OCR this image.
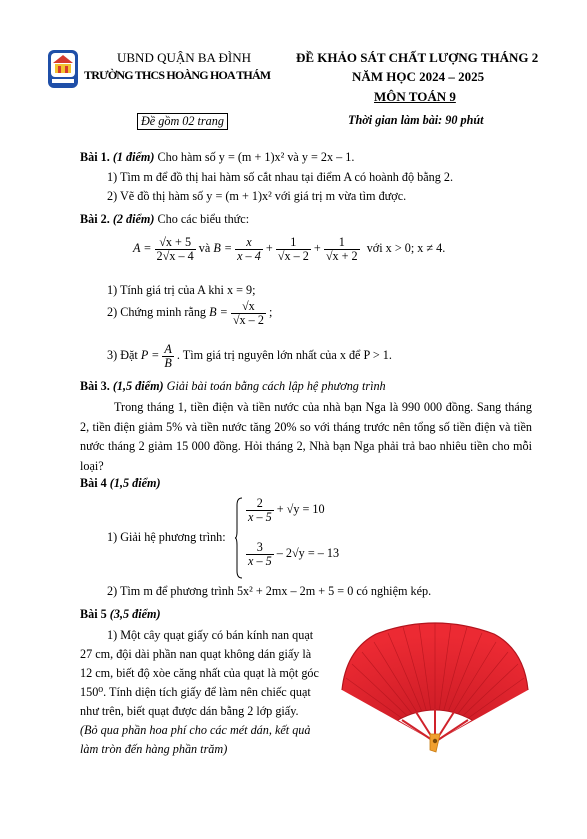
UBND QUẬN BA ĐÌNH
TRƯỜNG THCS HOÀNG HOA THÁM
ĐỀ KHẢO SÁT CHẤT LƯỢNG THÁNG 2
NĂM HỌC 2024 – 2025
MÔN TOÁN 9
Đề gồm 02 trang	Thời gian làm bài: 90 phút
Bài 1. (1 điểm) Cho hàm số y = (m + 1)x² và y = 2x – 1.
1) Tìm m để đồ thị hai hàm số cắt nhau tại điểm A có hoành độ bằng 2.
2) Vẽ đồ thị hàm số y = (m + 1)x² với giá trị m vừa tìm được.
Bài 2. (2 điểm) Cho các biểu thức:
$A = \frac{√x + 5}{2√x - 4}$ và $B = \frac{x}{x - 4} + \frac{1}{√x - 2} + \frac{1}{√x + 2}$ với x > 0; x ≠ 4.
1) Tính giá trị của A khi x = 9;
2) Chứng minh rằng $B = \frac{√x}{√x - 2}$ ;
3) Đặt $P = \frac{A}{B}$ . Tìm giá trị nguyên lớn nhất của x để P > 1.
Bài 3. (1,5 điểm) Giải bài toán bằng cách lập hệ phương trình
Trong tháng 1, tiền điện và tiền nước của nhà bạn Nga là 990 000 đồng. Sang tháng 2, tiền điện giảm 5% và tiền nước tăng 20% so với tháng trước nên tổng số tiền điện và tiền nước tháng 2 giảm 15 000 đồng. Hỏi tháng 2, Nhà bạn Nga phải trả bao nhiêu tiền cho mỗi loại?
Bài 4 (1,5 điểm)
1) Giải hệ phương trình:
$\frac{2}{x - 5} + √y = 10$
$\frac{3}{x - 5} - 2√y$ = – 13
2) Tìm m để phương trình 5x² + 2mx – 2m + 5 = 0 có nghiệm kép.
Bài 5 (3,5 điểm)
1) Một cây quạt giấy có bán kính nan quạt
27 cm, đội dài phần nan quạt không dán giấy là
12 cm, biết độ xòe căng nhất của quạt là một góc
150⁰. Tính diện tích giấy để làm nên chiếc quạt
như trên, biết quạt được dán bằng 2 lớp giấy.
(Bỏ qua phần hoa phí cho các mét dán, kết quả
làm tròn đến hàng phần trăm)
